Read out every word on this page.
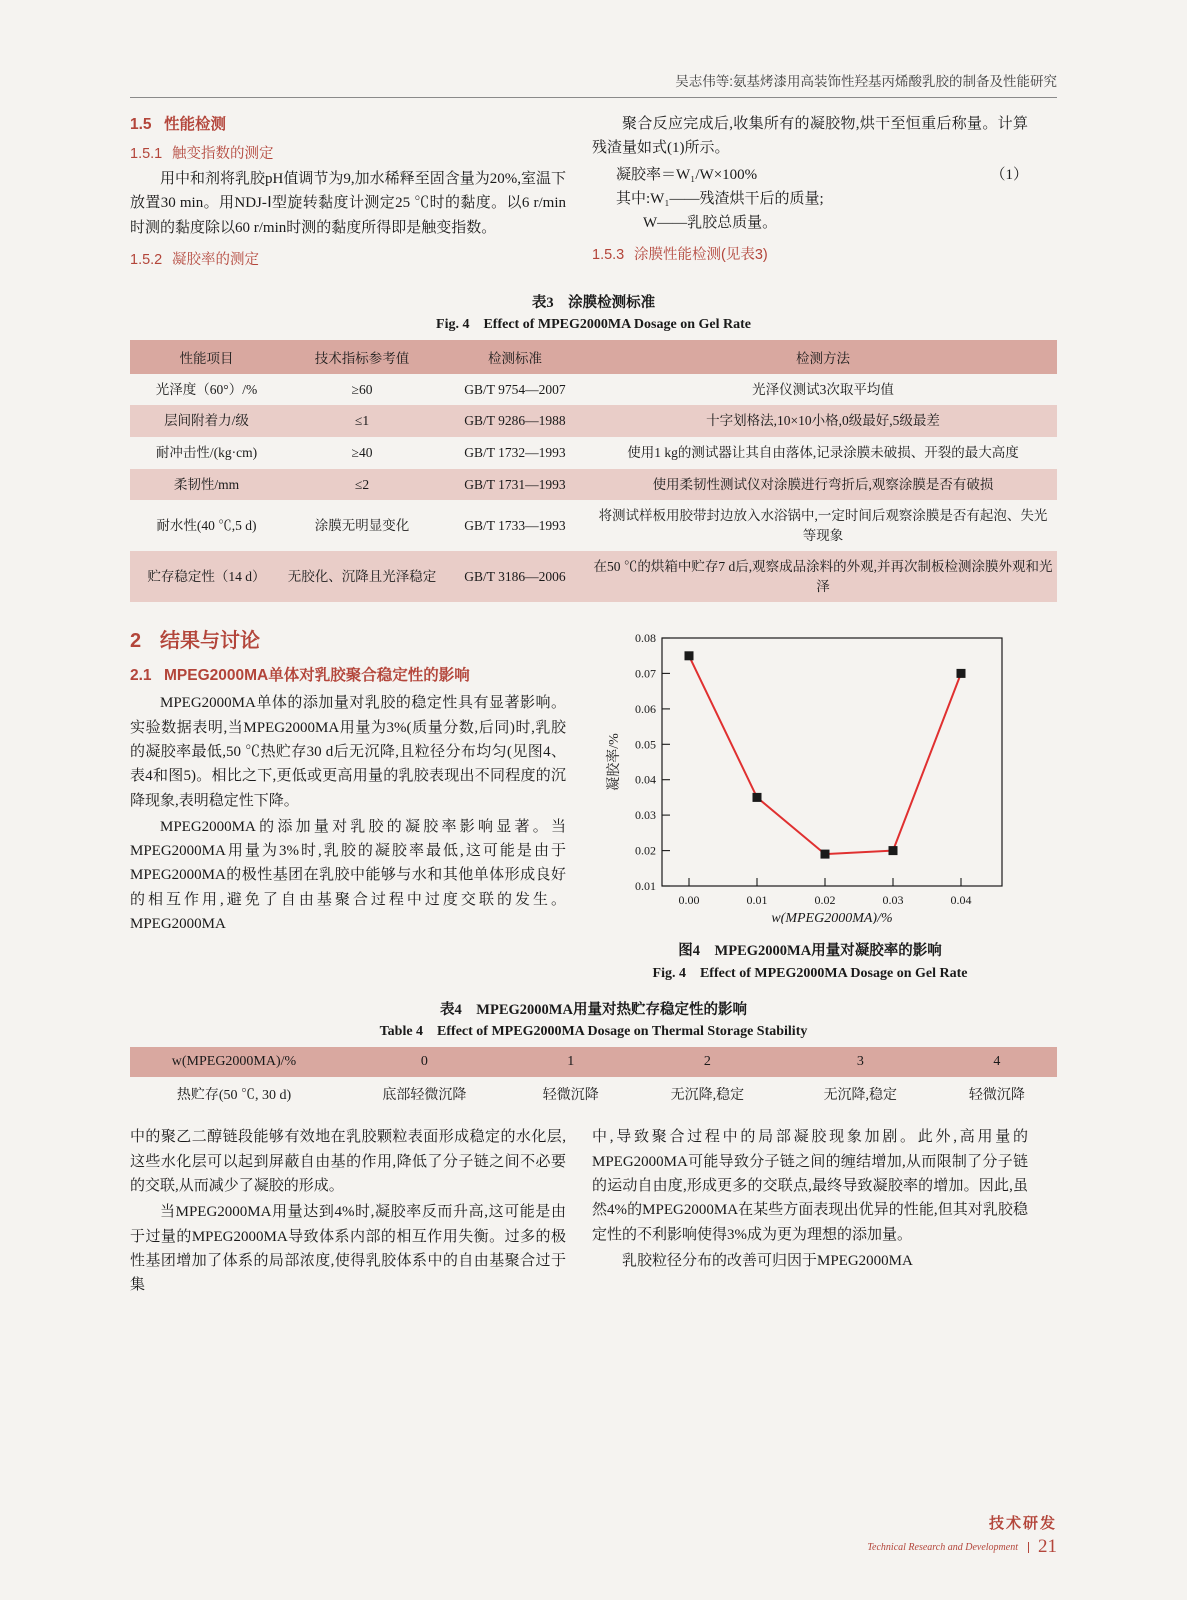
吴志伟等:氨基烤漆用高装饰性羟基丙烯酸乳胶的制备及性能研究
1.5 性能检测
1.5.1 触变指数的测定

用中和剂将乳胶pH值调节为9,加水稀释至固含量为20%,室温下放置30 min。用NDJ-Ⅰ型旋转黏度计测定25 ℃时的黏度。以6 r/min时测的黏度除以60 r/min时测的黏度所得即是触变指数。

1.5.2 凝胶率的测定

聚合反应完成后,收集所有的凝胶物,烘干至恒重后称量。计算残渣量如式(1)所示。

（1）
凝胶率＝W₁/W×100%

其中:W₁——残渣烘干后的质量;

W——乳胶总质量。

1.5.3 涂膜性能检测(见表3)
表3　涂膜检测标准
Fig. 4　Effect of MPEG2000MA Dosage on Gel Rate
性能项目	技术指标参考值	检测标准	检测方法
光泽度（60°）/%	≥60	GB/T 9754—2007	光泽仪测试3次取平均值
层间附着力/级	≤1	GB/T 9286—1988	十字划格法,10×10小格,0级最好,5级最差
耐冲击性/(kg·cm)	≥40	GB/T 1732—1993	使用1 kg的测试器让其自由落体,记录涂膜未破损、开裂的最大高度
柔韧性/mm	≤2	GB/T 1731—1993	使用柔韧性测试仪对涂膜进行弯折后,观察涂膜是否有破损
耐水性(40 ℃,5 d)	涂膜无明显变化	GB/T 1733—1993	将测试样板用胶带封边放入水浴锅中,一定时间后观察涂膜是否有起泡、失光等现象
贮存稳定性（14 d）	无胶化、沉降且光泽稳定	GB/T 3186—2006	在50 ℃的烘箱中贮存7 d后,观察成品涂料的外观,并再次制板检测涂膜外观和光泽
2 结果与讨论
2.1 MPEG2000MA单体对乳胶聚合稳定性的影响

MPEG2000MA单体的添加量对乳胶的稳定性具有显著影响。实验数据表明,当MPEG2000MA用量为3%(质量分数,后同)时,乳胶的凝胶率最低,50 ℃热贮存30 d后无沉降,且粒径分布均匀(见图4、表4和图5)。相比之下,更低或更高用量的乳胶表现出不同程度的沉降现象,表明稳定性下降。

MPEG2000MA的添加量对乳胶的凝胶率影响显著。当MPEG2000MA用量为3%时,乳胶的凝胶率最低,这可能是由于MPEG2000MA的极性基团在乳胶中能够与水和其他单体形成良好的相互作用,避免了自由基聚合过程中过度交联的发生。MPEG2000MA

0.01
0.02
0.03
0.04
0.05
0.06
0.07
0.08
0.00	0.01	0.02	0.03	0.04
凝胶率/%
w(MPEG2000MA)/%
图4　MPEG2000MA用量对凝胶率的影响
Fig. 4　Effect of MPEG2000MA Dosage on Gel Rate
表4　MPEG2000MA用量对热贮存稳定性的影响
Table 4　Effect of MPEG2000MA Dosage on Thermal Storage Stability
w(MPEG2000MA)/%	0	1	2	3	4
热贮存(50 ℃, 30 d)	底部轻微沉降	轻微沉降	无沉降,稳定	无沉降,稳定	轻微沉降

中的聚乙二醇链段能够有效地在乳胶颗粒表面形成稳定的水化层,这些水化层可以起到屏蔽自由基的作用,降低了分子链之间不必要的交联,从而减少了凝胶的形成。

当MPEG2000MA用量达到4%时,凝胶率反而升高,这可能是由于过量的MPEG2000MA导致体系内部的相互作用失衡。过多的极性基团增加了体系的局部浓度,使得乳胶体系中的自由基聚合过于集

中,导致聚合过程中的局部凝胶现象加剧。此外,高用量的MPEG2000MA可能导致分子链之间的缠结增加,从而限制了分子链的运动自由度,形成更多的交联点,最终导致凝胶率的增加。因此,虽然4%的MPEG2000MA在某些方面表现出优异的性能,但其对乳胶稳定性的不利影响使得3%成为更为理想的添加量。

乳胶粒径分布的改善可归因于MPEG2000MA

技术研发
Technical Research and Development 21
